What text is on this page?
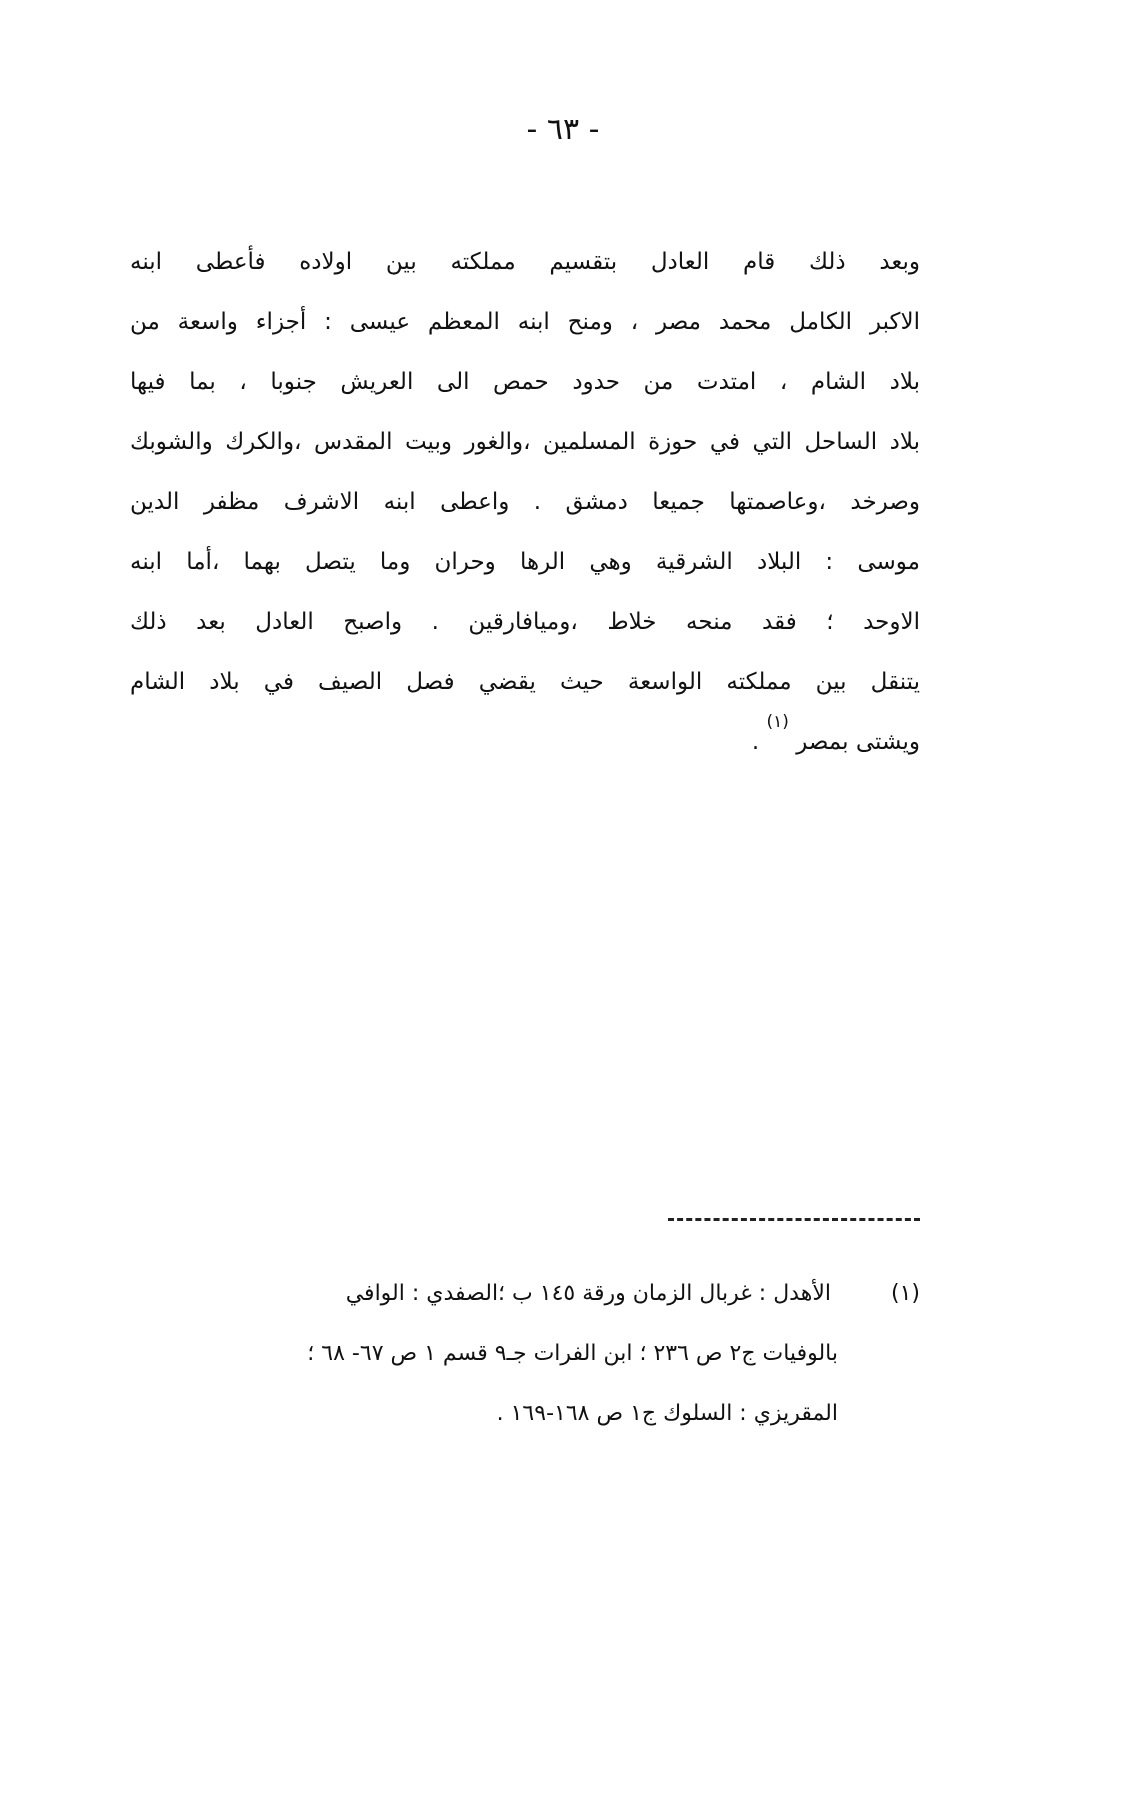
- ٦٣ -
وبعد ذلك قام العادل بتقسيم مملكته بين اولاده فأعطى ابنه
الاكبر الكامل محمد مصر ، ومنح ابنه المعظم عيسى : أجزاء واسعة من
بلاد الشام ، امتدت من حدود حمص الى العريش جنوبا ، بما فيها
بلاد الساحل التي في حوزة المسلمين ،والغور وبيت المقدس ،والكرك والشوبك
وصرخد ،وعاصمتها جميعا دمشق . واعطى ابنه الاشرف مظفر الدين
موسى : البلاد الشرقية وهي الرها وحران وما يتصل بهما ،أما ابنه
الاوحد ؛ فقد منحه خلاط ،وميافارقين . واصبح العادل بعد ذلك
يتنقل بين مملكته الواسعة حيث يقضي فصل الصيف في بلاد الشام
ويشتى بمصر $^{(١)}$ .
(١) الأهدل : غربال الزمان ورقة ١٤٥ ب ؛الصفدي : الوافي
بالوفيات ج٢ ص ٢٣٦ ؛ ابن الفرات جـ٩ قسم ١ ص ٦٧- ٦٨ ؛
المقريزي : السلوك ج١ ص ١٦٨-١٦٩ .
